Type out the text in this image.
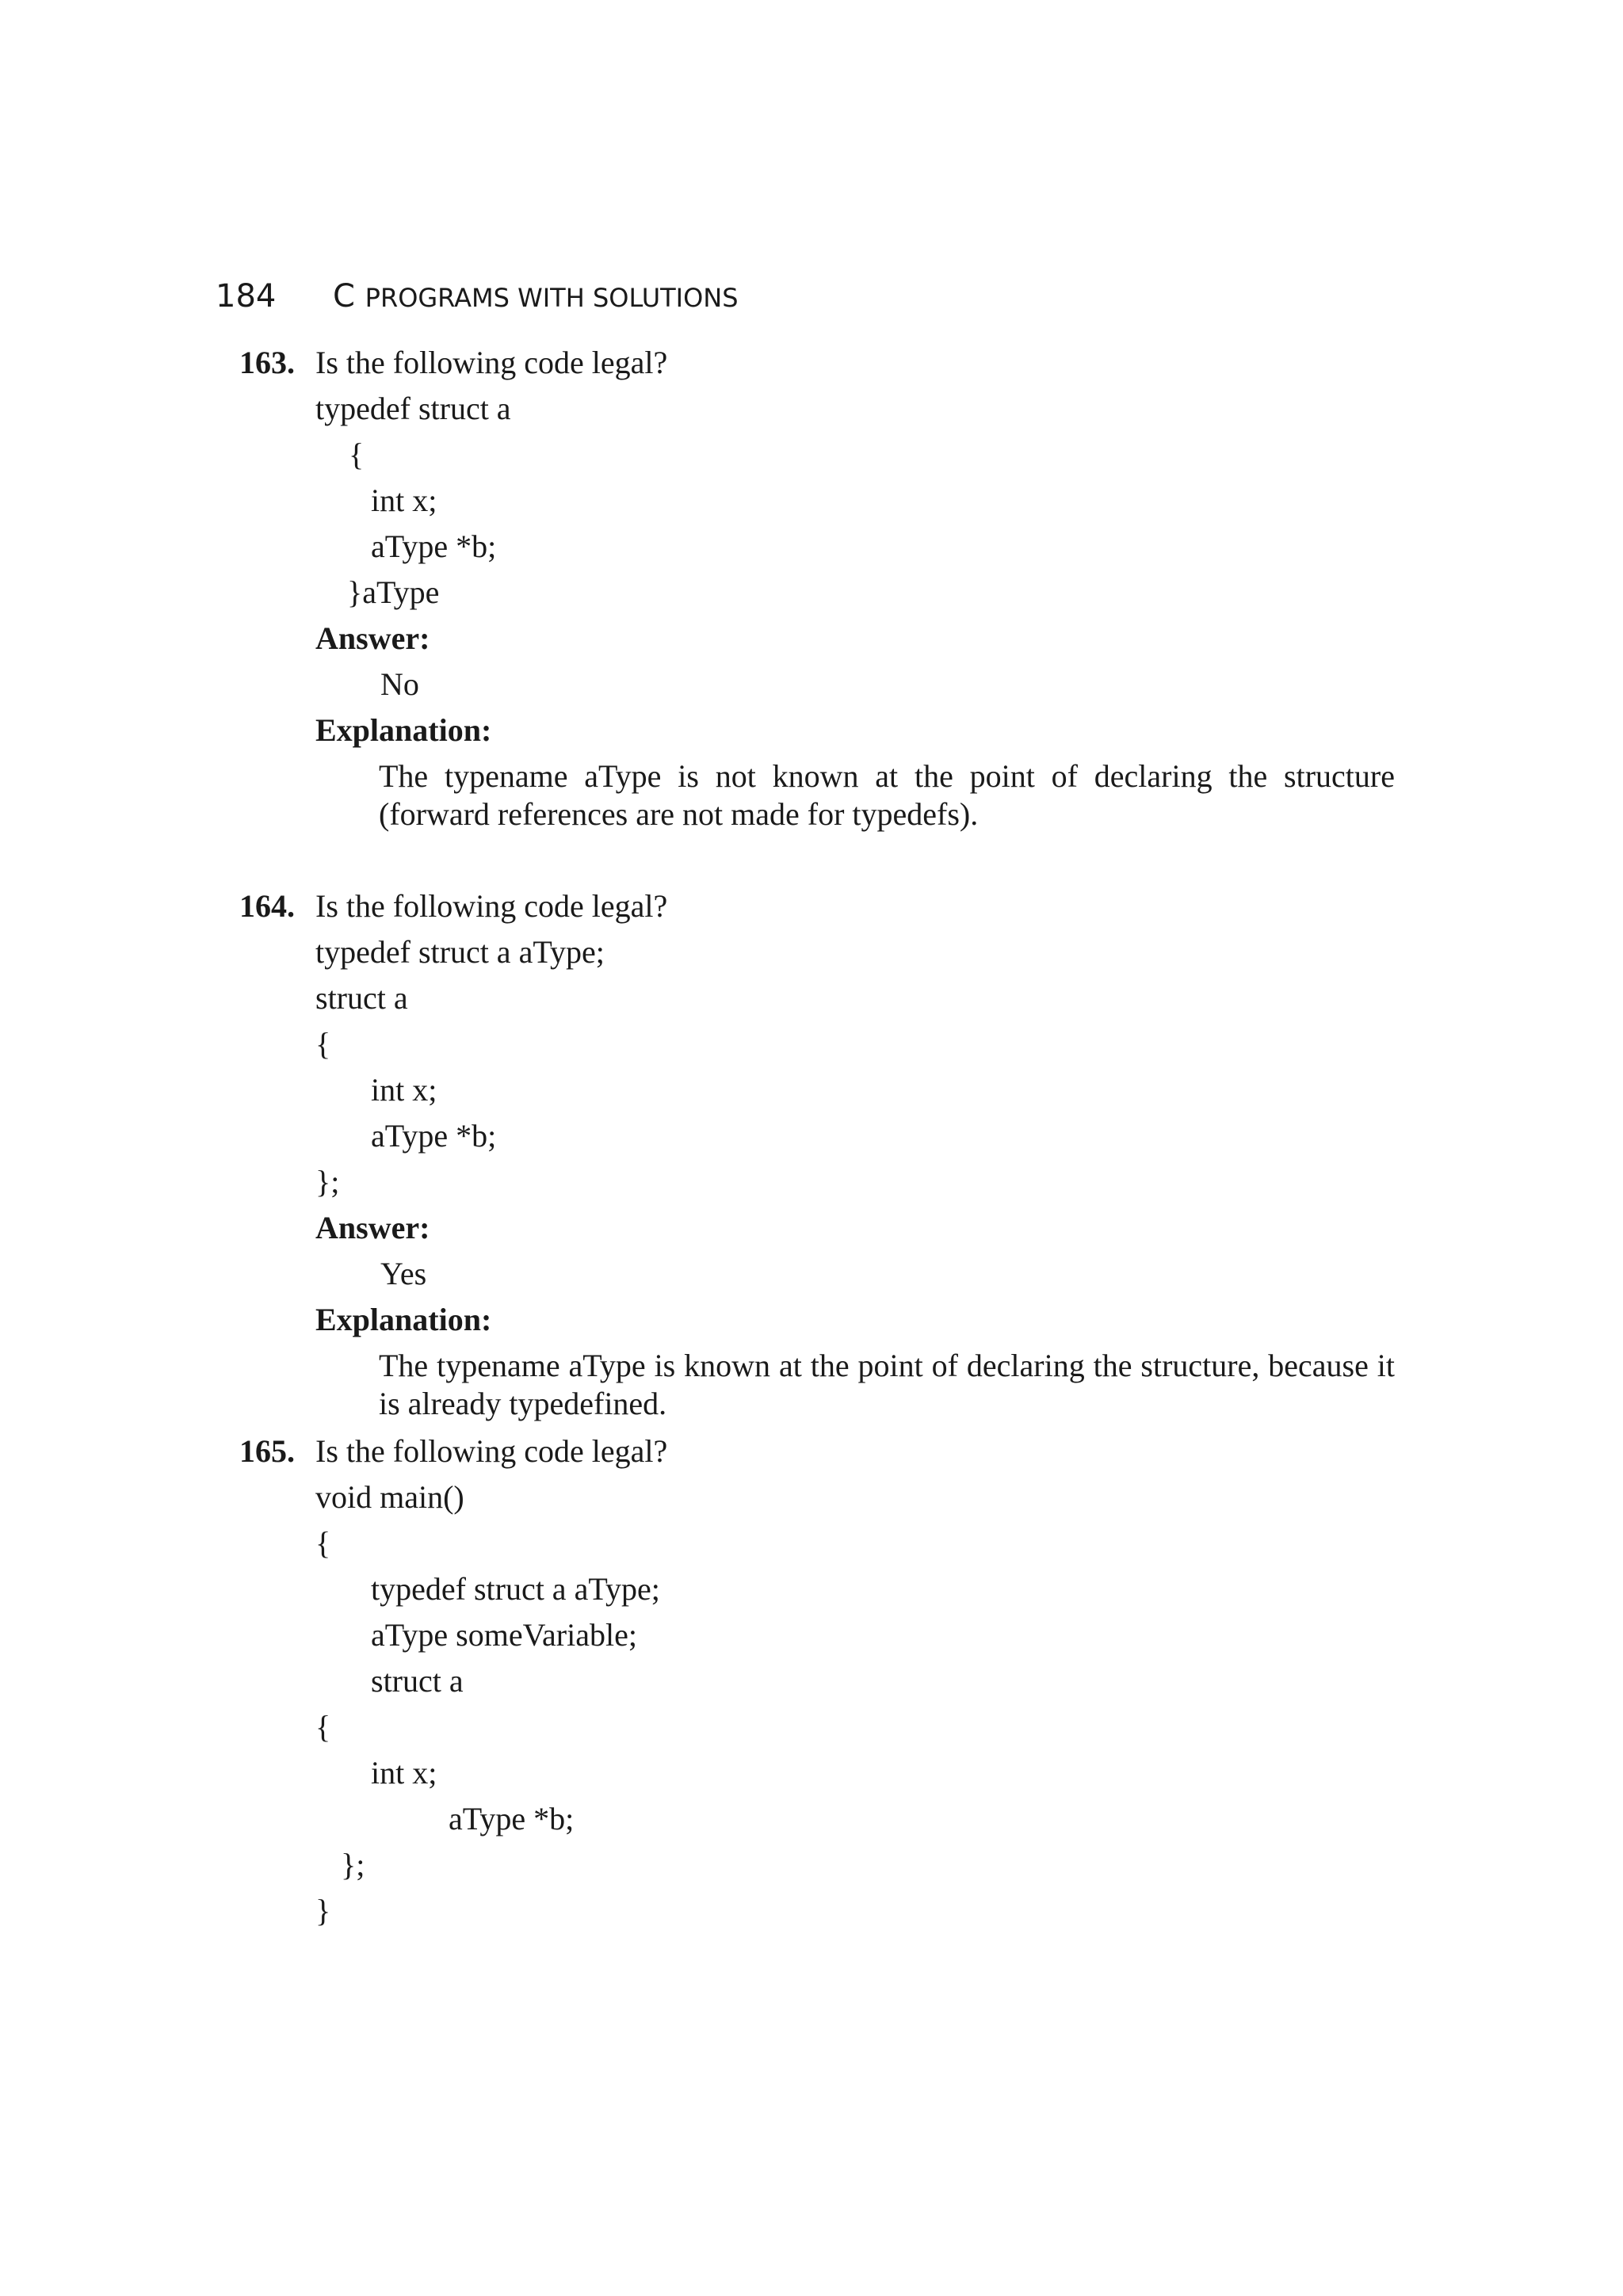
184 C PROGRAMS WITH SOLUTIONS
163. Is the following code legal?
typedef struct a
{
int x;
aType *b;
}aType
Answer:
No
Explanation:
The typename aType is not known at the point of declaring the structure (forward references are not made for typedefs).
164. Is the following code legal?
typedef struct a aType;
struct a
{
int x;
aType *b;
};
Answer:
Yes
Explanation:
The typename aType is known at the point of declaring the structure, because it is already typedefined.
165. Is the following code legal?
void main()
{
typedef struct a aType;
aType someVariable;
struct a
{
int x;
aType *b;
};
}
